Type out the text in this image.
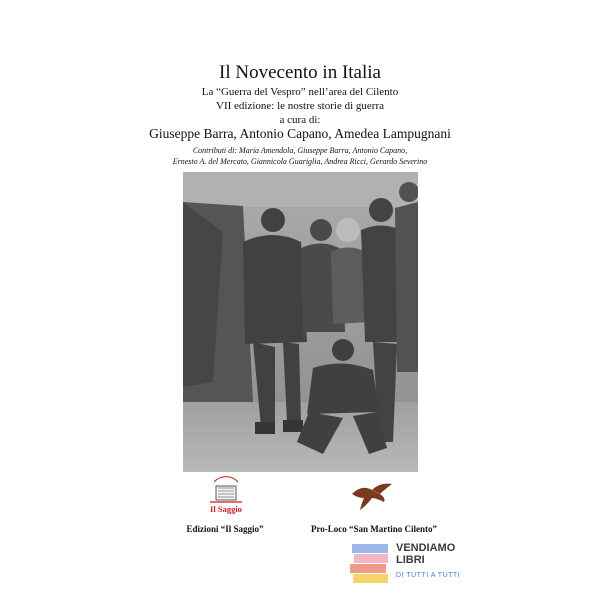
Il Novecento in Italia
La “Guerra del Vespro” nell’area del Cilento
VII edizione: le nostre storie di guerra
a cura di:
Giuseppe Barra, Antonio Capano, Amedea Lampugnani
Contributi di: Maria Amendola, Giuseppe Barra, Antonio Capano,
Ernesto A. del Mercato, Giannicola Guariglia, Andrea Ricci, Gerardo Severino
Il Saggio
Edizioni “Il Saggio”	Pro-Loco “San Martino Cilento”
VENDIAMO
LIBRI
DI TUTTI A TUTTI
